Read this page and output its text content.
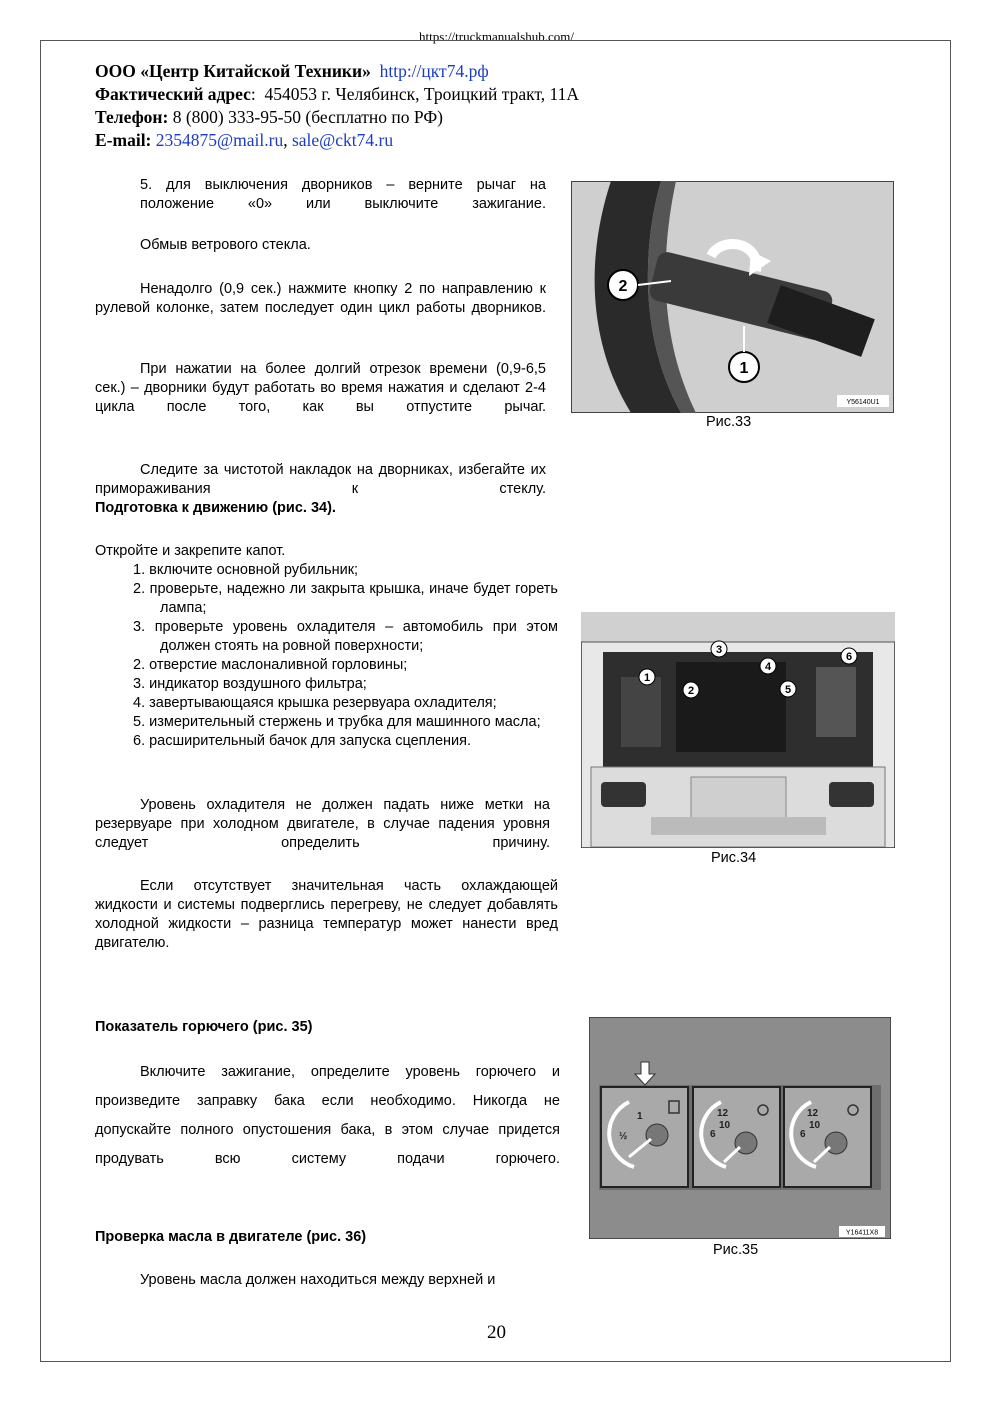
https://truckmanualshub.com/
ООО «Центр Китайской Техники» http://цкт74.рф
Фактический адрес:  454053 г. Челябинск, Троицкий тракт, 11А
Телефон: 8 (800) 333-95-50 (бесплатно по РФ)
E-mail: 2354875@mail.ru, sale@ckt74.ru
5. для выключения дворников – верните рычаг на положение «0» или выключите зажигание.
Обмыв ветрового стекла.
Ненадолго (0,9 сек.) нажмите кнопку 2 по направлению к рулевой колонке, затем последует один цикл работы дворников.
При нажатии на более долгий отрезок времени (0,9-6,5 сек.) – дворники будут работать во время нажатия и сделают 2-4 цикла после того, как вы отпустите рычаг.
Следите за чистотой накладок на дворниках, избегайте их приморaживания к стеклу.
Подготовка к движению (рис. 34).
Откройте и закрепите капот.
1. включите основной рубильник;
2. проверьте, надежно ли закрыта крышка, иначе будет гореть лампа;
3. проверьте уровень охладителя – автомобиль при этом должен стоять на ровной поверхности;
2. отверстие маслоналивной горловины;
3. индикатор воздушного фильтра;
4. завертывающаяся крышка резервуара охладителя;
5. измерительный стержень и трубка для машинного масла;
6. расширительный бачок для запуска сцепления.
Уровень охладителя не должен падать ниже метки на резервуаре при холодном двигателе, в случае падения уровня следует определить причину.
Если отсутствует значительная часть охлаждающей жидкости и системы подверглись перегреву, не следует добавлять холодной жидкости – разница температур может нанести вред двигателю.
Показатель горючего (рис. 35)
Включите зажигание, определите уровень горючего и произведите заправку бака если необходимо. Никогда не допускайте полного опустошения бака, в этом случае придется продувать всю систему подачи горючего.
Проверка масла в двигателе (рис. 36)
Уровень масла должен находиться между верхней и
2
1
Y56140U1
Рис.33
1
2
3
4
5
6
Рис.34
1
½
12
10
6
12
10
6
Y16411X8
Рис.35
20
